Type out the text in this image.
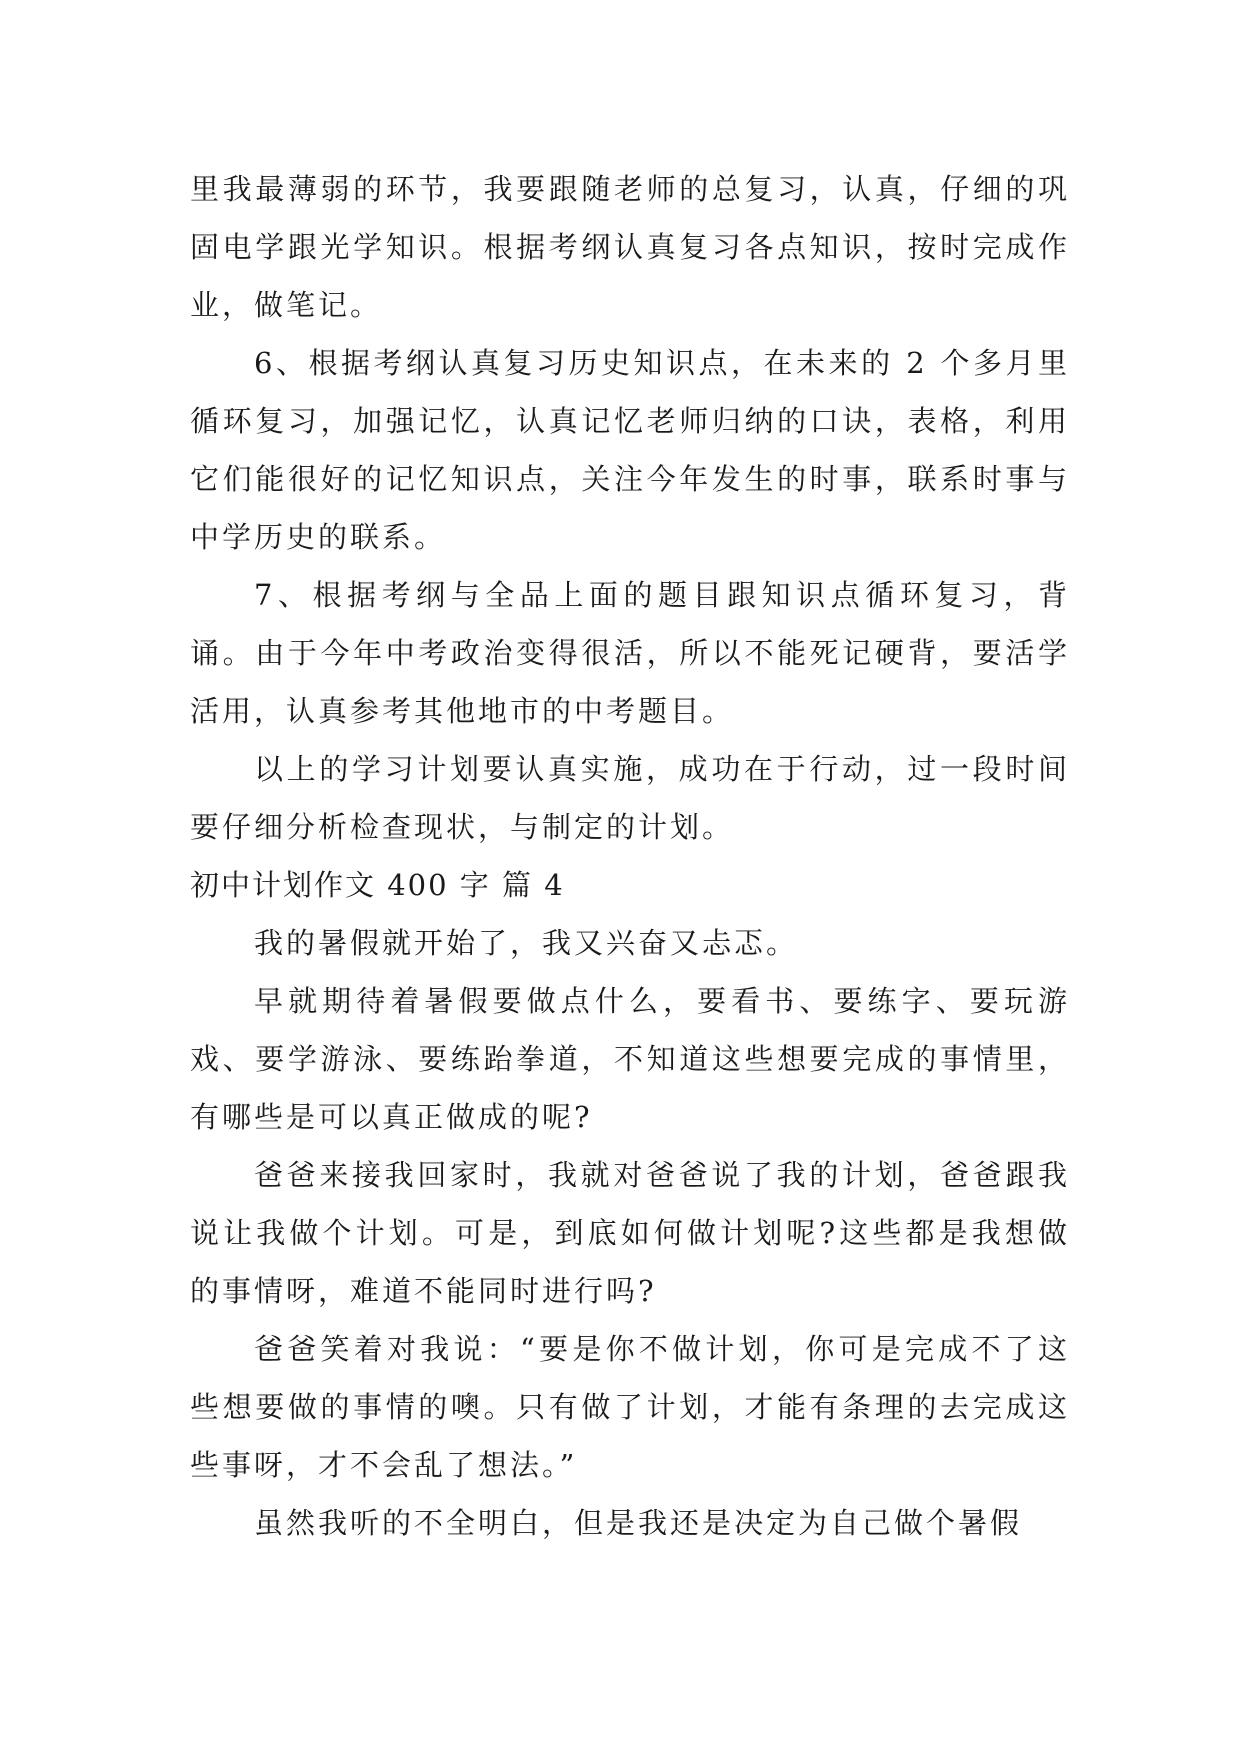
里我最薄弱的环节，我要跟随老师的总复习，认真，仔细的巩固电学跟光学知识。根据考纲认真复习各点知识，按时完成作业，做笔记。

6、根据考纲认真复习历史知识点，在未来的 2 个多月里循环复习，加强记忆，认真记忆老师归纳的口诀，表格，利用它们能很好的记忆知识点，关注今年发生的时事，联系时事与中学历史的联系。

7、根据考纲与全品上面的题目跟知识点循环复习，背诵。由于今年中考政治变得很活，所以不能死记硬背，要活学活用，认真参考其他地市的中考题目。

以上的学习计划要认真实施，成功在于行动，过一段时间要仔细分析检查现状，与制定的计划。

初中计划作文 400 字 篇 4

我的暑假就开始了，我又兴奋又忐忑。

早就期待着暑假要做点什么，要看书、要练字、要玩游戏、要学游泳、要练跆拳道，不知道这些想要完成的事情里，有哪些是可以真正做成的呢?

爸爸来接我回家时，我就对爸爸说了我的计划，爸爸跟我说让我做个计划。可是，到底如何做计划呢?这些都是我想做的事情呀，难道不能同时进行吗?

爸爸笑着对我说：“要是你不做计划，你可是完成不了这些想要做的事情的噢。只有做了计划，才能有条理的去完成这些事呀，才不会乱了想法。”

虽然我听的不全明白，但是我还是决定为自己做个暑假
